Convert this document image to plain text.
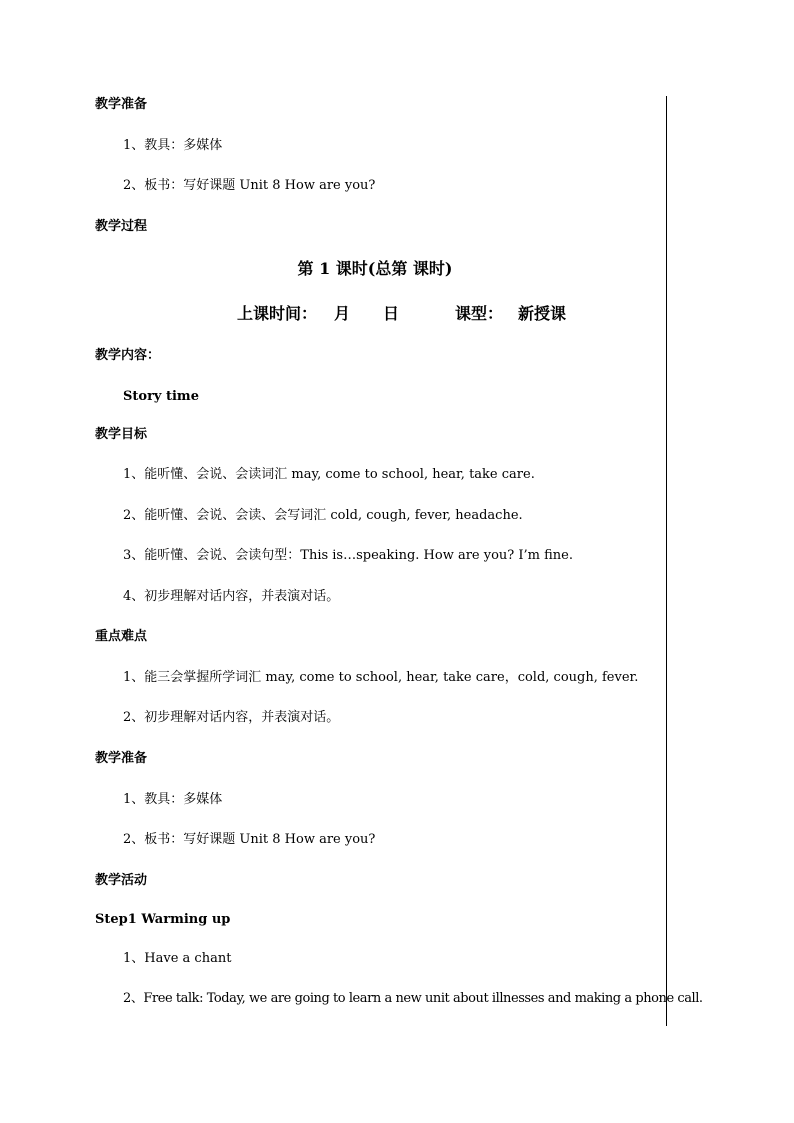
教学准备
1、教具：多媒体
2、板书：写好课题 Unit 8 How are you?
教学过程
第 1 课时(总第 课时)
上课时间： 月 日	课型： 新授课
教学内容：
Story time
教学目标
1、能听懂、会说、会读词汇 may, come to school, hear, take care.
2、能听懂、会说、会读、会写词汇 cold, cough, fever, headache.
3、能听懂、会说、会读句型：This is…speaking. How are you? I’m fine.
4、初步理解对话内容，并表演对话。
重点难点
1、能三会掌握所学词汇 may, come to school, hear, take care，cold, cough, fever.
2、初步理解对话内容，并表演对话。
教学准备
1、教具：多媒体
2、板书：写好课题 Unit 8 How are you?
教学活动
Step1 Warming up
1、Have a chant
2、Free talk: Today, we are going to learn a new unit about illnesses and making a phone call.
